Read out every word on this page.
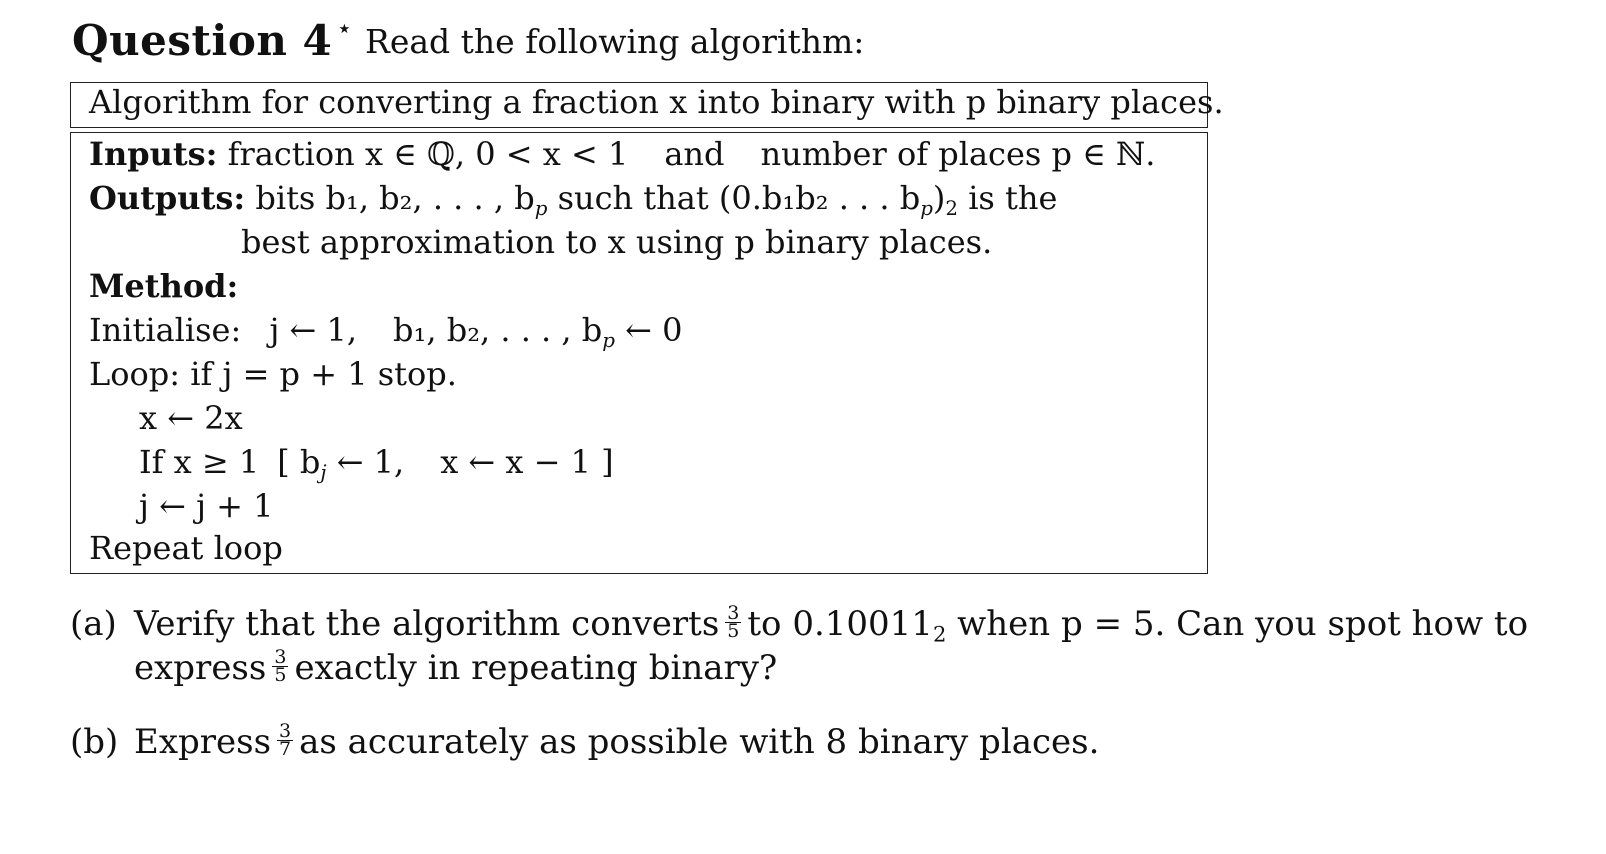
Question 4 ⋆ Read the following algorithm:
Algorithm for converting a fraction x into binary with p binary places.
Inputs: fraction x ∈ ℚ, 0 < x < 1 and number of places p ∈ ℕ.
Outputs: bits b₁, b₂, . . . , $b_p$ such that (0.b₁b₂ . . . $b_p)_2$ is the
best approximation to x using p binary places.
Method:
Initialise: j ← 1, b₁, b₂, . . . , $b_p$ ← 0
Loop: if j = p + 1 stop.
x ← 2x
If x ≥ 1 [ $b_j$ ← 1, x ← x − 1 ]
j ← j + 1
Repeat loop
(a) Verify that the algorithm converts $\frac{3}{5}$ to $0.10011_2$ when p = 5. Can you spot how to
express $\frac{3}{5}$ exactly in repeating binary?
(b) Express $\frac{3}{7}$ as accurately as possible with 8 binary places.
